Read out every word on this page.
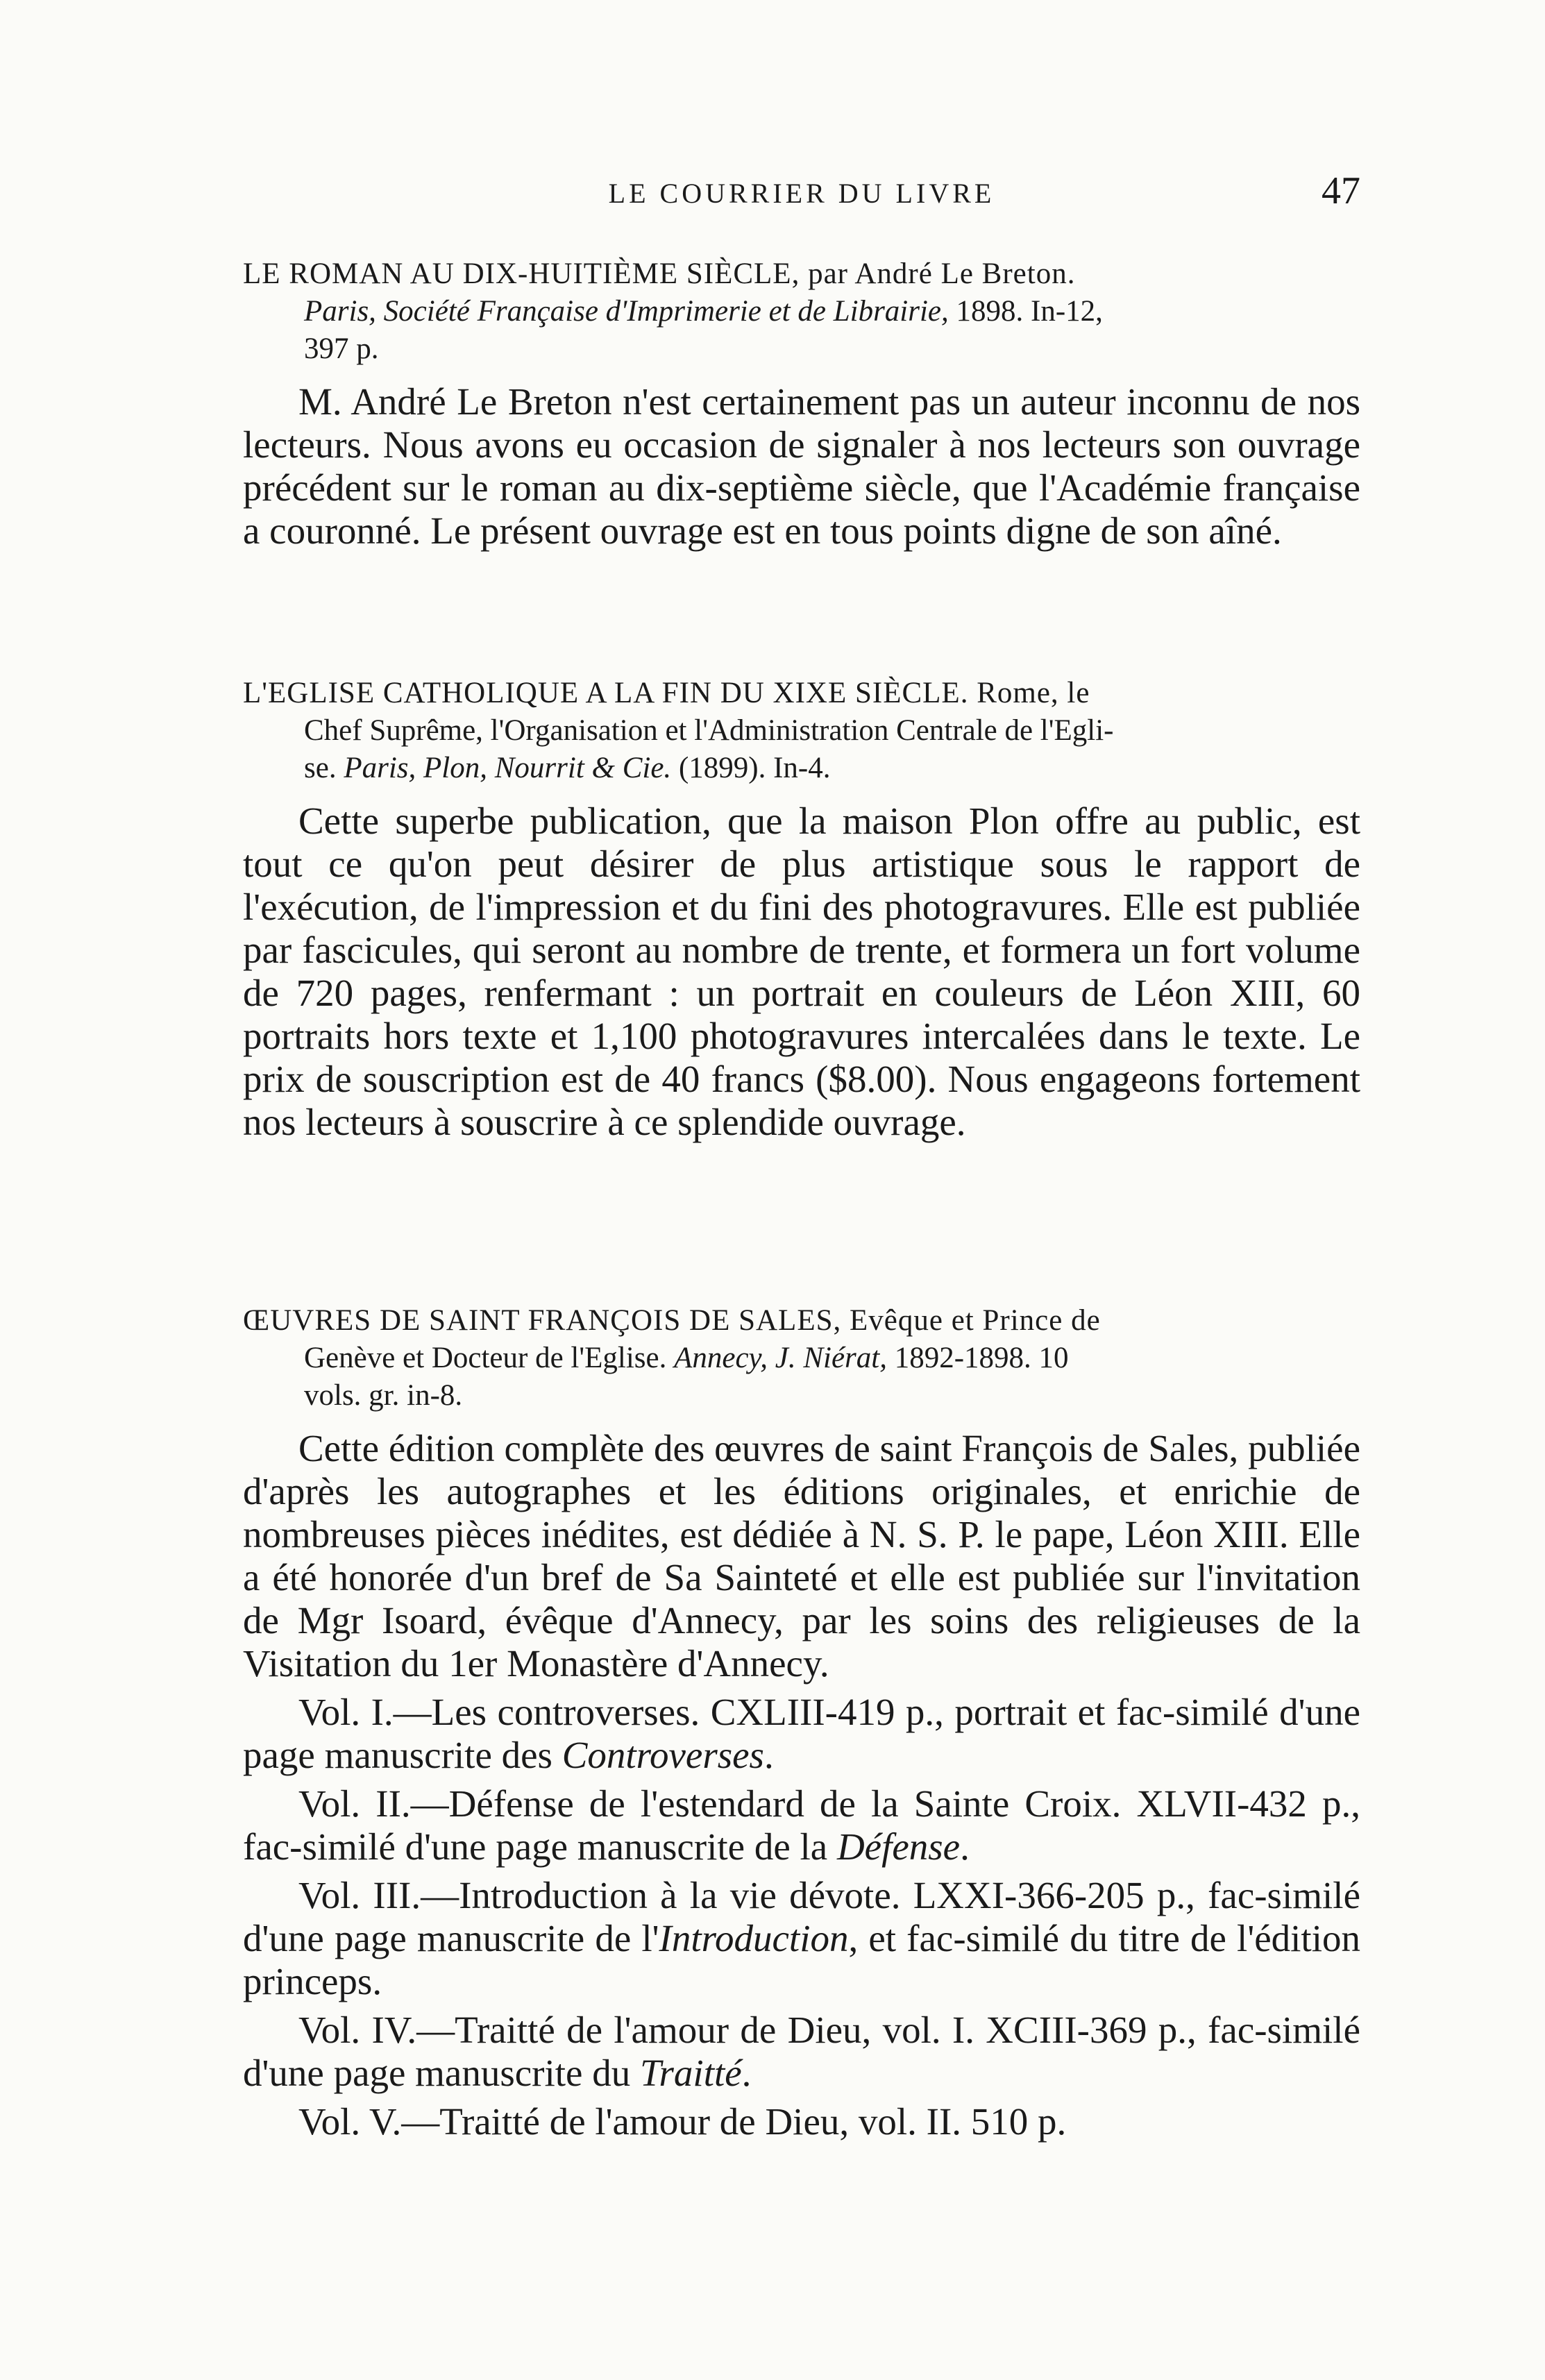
LE COURRIER DU LIVRE	47
LE ROMAN AU DIX-HUITIÈME SIÈCLE, par André Le Breton.
Paris, Société Française d'Imprimerie et de Librairie, 1898. In-12,
397 p.

M. André Le Breton n'est certainement pas un auteur inconnu de nos lecteurs. Nous avons eu occasion de signaler à nos lecteurs son ouvrage précédent sur le roman au dix-septième siècle, que l'Académie française a couronné. Le présent ouvrage est en tous points digne de son aîné.

L'EGLISE CATHOLIQUE A LA FIN DU XIXE SIÈCLE. Rome, le
Chef Suprême, l'Organisation et l'Administration Centrale de l'Egli-
se. Paris, Plon, Nourrit & Cie. (1899). In-4.

Cette superbe publication, que la maison Plon offre au public, est tout ce qu'on peut désirer de plus artistique sous le rapport de l'exécution, de l'impression et du fini des photogravures. Elle est publiée par fascicules, qui seront au nombre de trente, et formera un fort volume de 720 pages, renfermant : un portrait en couleurs de Léon XIII, 60 portraits hors texte et 1,100 photogravures intercalées dans le texte. Le prix de souscription est de 40 francs ($8.00). Nous engageons fortement nos lecteurs à souscrire à ce splendide ouvrage.

ŒUVRES DE SAINT FRANÇOIS DE SALES, Evêque et Prince de
Genève et Docteur de l'Eglise. Annecy, J. Niérat, 1892-1898. 10
vols. gr. in-8.

Cette édition complète des œuvres de saint François de Sales, publiée d'après les autographes et les éditions originales, et enrichie de nombreuses pièces inédites, est dédiée à N. S. P. le pape, Léon XIII. Elle a été honorée d'un bref de Sa Sainteté et elle est publiée sur l'invitation de Mgr Isoard, évêque d'Annecy, par les soins des religieuses de la Visitation du 1er Monastère d'Annecy.

Vol. I.—Les controverses. CXLIII-419 p., portrait et fac-similé d'une page manuscrite des Controverses.

Vol. II.—Défense de l'estendard de la Sainte Croix. XLVII-432 p., fac-similé d'une page manuscrite de la Défense.

Vol. III.—Introduction à la vie dévote. LXXI-366-205 p., fac-similé d'une page manuscrite de l'Introduction, et fac-similé du titre de l'édition princeps.

Vol. IV.—Traitté de l'amour de Dieu, vol. I. XCIII-369 p., fac-similé d'une page manuscrite du Traitté.

Vol. V.—Traitté de l'amour de Dieu, vol. II. 510 p.
